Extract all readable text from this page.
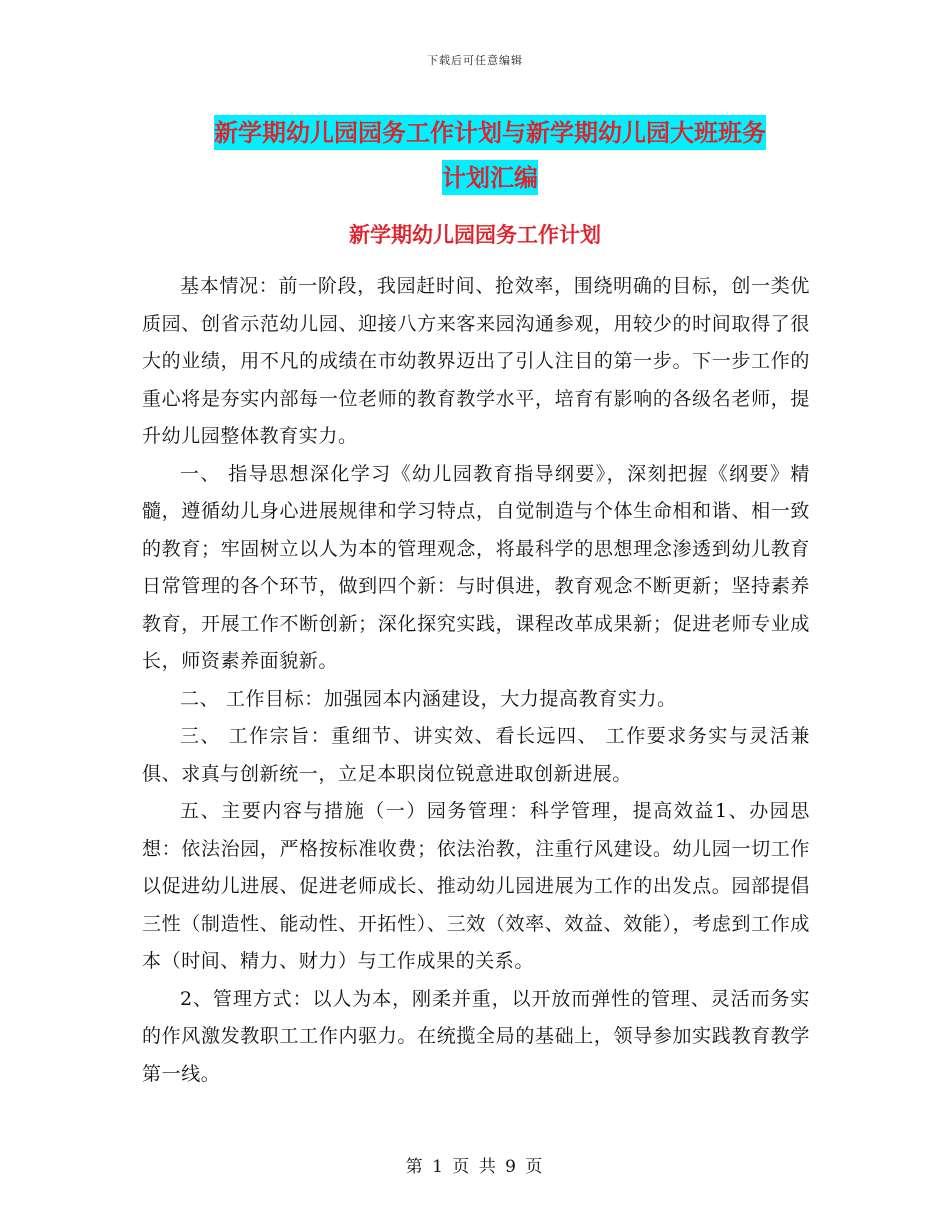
下载后可任意编辑
新学期幼儿园园务工作计划与新学期幼儿园大班班务
计划汇编
新学期幼儿园园务工作计划

基本情况：前一阶段，我园赶时间、抢效率，围绕明确的目标，创一类优质园、创省示范幼儿园、迎接八方来客来园沟通参观，用较少的时间取得了很大的业绩，用不凡的成绩在市幼教界迈出了引人注目的第一步。下一步工作的重心将是夯实内部每一位老师的教育教学水平，培育有影响的各级名老师，提升幼儿园整体教育实力。

一、 指导思想深化学习《幼儿园教育指导纲要》，深刻把握《纲要》精髓，遵循幼儿身心进展规律和学习特点，自觉制造与个体生命相和谐、相一致的教育；牢固树立以人为本的管理观念，将最科学的思想理念渗透到幼儿教育日常管理的各个环节，做到四个新：与时俱进，教育观念不断更新；坚持素养教育，开展工作不断创新；深化探究实践，课程改革成果新；促进老师专业成长，师资素养面貌新。

二、 工作目标：加强园本内涵建设，大力提高教育实力。

三、 工作宗旨：重细节、讲实效、看长远四、 工作要求务实与灵活兼俱、求真与创新统一，立足本职岗位锐意进取创新进展。

五、主要内容与措施（一）园务管理：科学管理，提高效益1、办园思想：依法治园，严格按标准收费；依法治教，注重行风建设。幼儿园一切工作以促进幼儿进展、促进老师成长、推动幼儿园进展为工作的出发点。园部提倡三性（制造性、能动性、开拓性）、三效（效率、效益、效能），考虑到工作成本（时间、精力、财力）与工作成果的关系。

2、管理方式：以人为本，刚柔并重，以开放而弹性的管理、灵活而务实的作风激发教职工工作内驱力。在统揽全局的基础上，领导参加实践教育教学第一线。

第 1 页 共 9 页
